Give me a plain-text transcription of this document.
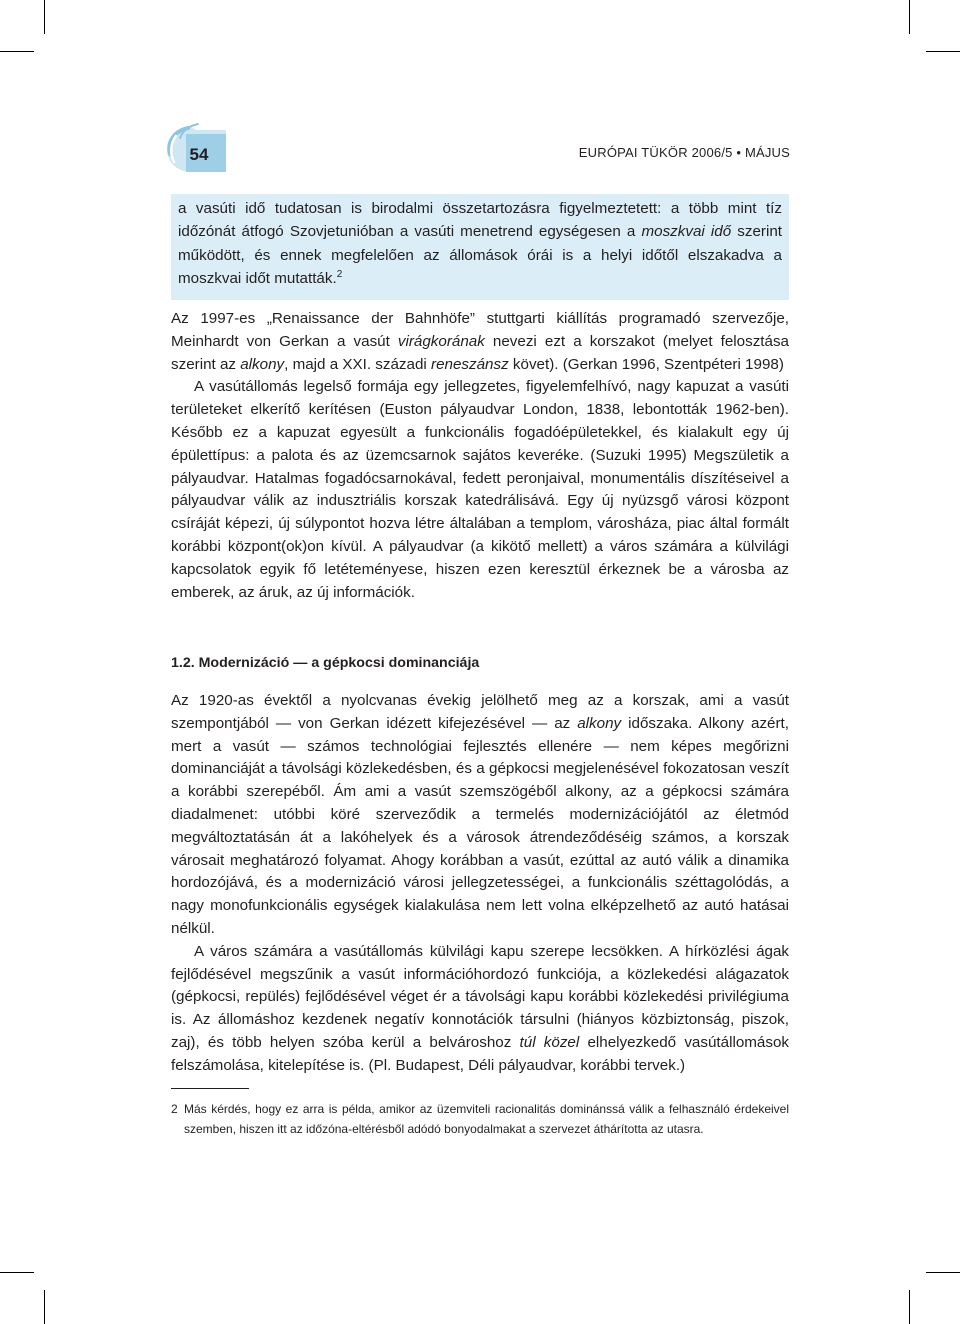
54	EURÓPAI TÜKÖR 2006/5 • MÁJUS

a vasúti idő tudatosan is birodalmi összetartozásra figyelmeztetett: a több mint tíz időzónát átfogó Szovjetunióban a vasúti menetrend egységesen a moszkvai idő szerint működött, és ennek megfelelően az állomások órái is a helyi időtől elszakadva a moszkvai időt mutatták.$^2$

Az 1997-es „Renaissance der Bahnhöfe” stuttgarti kiállítás programadó szervezője, Meinhardt von Gerkan a vasút virágkorának nevezi ezt a korszakot (melyet felosztása szerint az alkony, majd a XXI. századi reneszánsz követ). (Gerkan 1996, Szentpéteri 1998)

A vasútállomás legelső formája egy jellegzetes, figyelemfelhívó, nagy kapuzat a vasúti területeket elkerítő kerítésen (Euston pályaudvar London, 1838, lebontották 1962-ben). Később ez a kapuzat egyesült a funkcionális fogadóépületekkel, és kialakult egy új épülettípus: a palota és az üzemcsarnok sajátos keveréke. (Suzuki 1995) Megszületik a pályaudvar. Hatalmas fogadócsarnokával, fedett peronjaival, monumentális díszítéseivel a pályaudvar válik az indusztriális korszak katedrálisává. Egy új nyüzsgő városi központ csíráját képezi, új súlypontot hozva létre általában a templom, városháza, piac által formált korábbi központ(ok)on kívül. A pályaudvar (a kikötő mellett) a város számára a külvilági kapcsolatok egyik fő letéteményese, hiszen ezen keresztül érkeznek be a városba az emberek, az áruk, az új információk.

1.2. Modernizáció — a gépkocsi dominanciája

Az 1920-as évektől a nyolcvanas évekig jelölhető meg az a korszak, ami a vasút szempontjából — von Gerkan idézett kifejezésével — az alkony időszaka. Alkony azért, mert a vasút — számos technológiai fejlesztés ellenére — nem képes megőrizni dominanciáját a távolsági közlekedésben, és a gépkocsi megjelenésével fokozatosan veszít a korábbi szerepéből. Ám ami a vasút szemszögéből alkony, az a gépkocsi számára diadalmenet: utóbbi köré szerveződik a termelés modernizációjától az életmód megváltoztatásán át a lakóhelyek és a városok átrendeződéséig számos, a korszak városait meghatározó folyamat. Ahogy korábban a vasút, ezúttal az autó válik a dinamika hordozójává, és a modernizáció városi jellegzetességei, a funkcionális széttagolódás, a nagy monofunkcionális egységek kialakulása nem lett volna elképzelhető az autó hatásai nélkül.

A város számára a vasútállomás külvilági kapu szerepe lecsökken. A hírközlési ágak fejlődésével megszűnik a vasút információhordozó funkciója, a közlekedési alágazatok (gépkocsi, repülés) fejlődésével véget ér a távolsági kapu korábbi közlekedési privilégiuma is. Az állomáshoz kezdenek negatív konnotációk társulni (hiányos közbiztonság, piszok, zaj), és több helyen szóba kerül a belvároshoz túl közel elhelyezkedő vasútállomások felszámolása, kitelepítése is. (Pl. Budapest, Déli pályaudvar, korábbi tervek.)

2 Más kérdés, hogy ez arra is példa, amikor az üzemviteli racionalitás dominánssá válik a felhasználó érdekeivel szemben, hiszen itt az időzóna-eltérésből adódó bonyodalmakat a szervezet áthárította az utasra.
